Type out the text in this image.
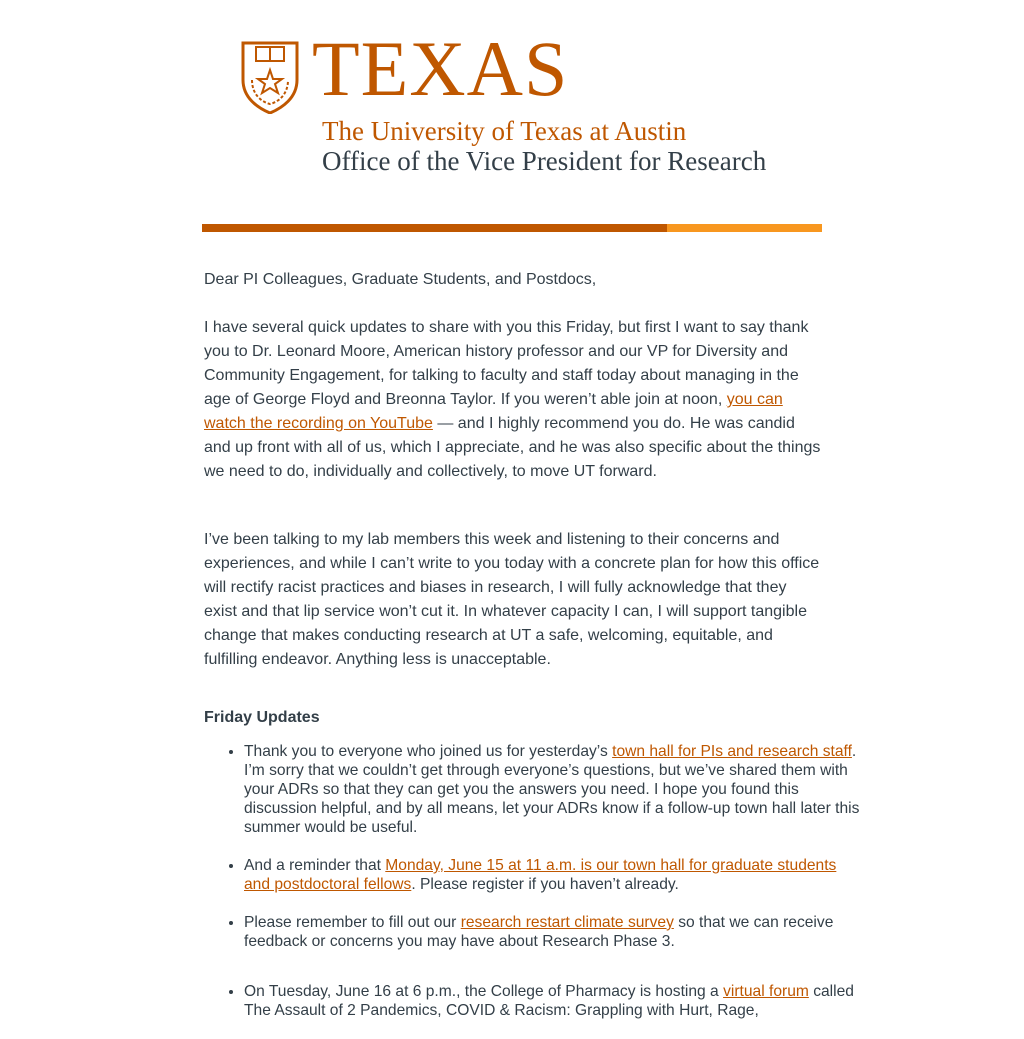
TEXAS
The University of Texas at Austin
Office of the Vice President for Research
Dear PI Colleagues, Graduate Students, and Postdocs,
I have several quick updates to share with you this Friday, but first I want to say thank you to Dr. Leonard Moore, American history professor and our VP for Diversity and Community Engagement, for talking to faculty and staff today about managing in the age of George Floyd and Breonna Taylor. If you weren’t able join at noon, you can watch the recording on YouTube — and I highly recommend you do. He was candid and up front with all of us, which I appreciate, and he was also specific about the things we need to do, individually and collectively, to move UT forward.
I’ve been talking to my lab members this week and listening to their concerns and experiences, and while I can’t write to you today with a concrete plan for how this office will rectify racist practices and biases in research, I will fully acknowledge that they exist and that lip service won’t cut it. In whatever capacity I can, I will support tangible change that makes conducting research at UT a safe, welcoming, equitable, and fulfilling endeavor. Anything less is unacceptable.
Friday Updates
• Thank you to everyone who joined us for yesterday’s town hall for PIs and research staff. I’m sorry that we couldn’t get through everyone’s questions, but we’ve shared them with your ADRs so that they can get you the answers you need. I hope you found this discussion helpful, and by all means, let your ADRs know if a follow-up town hall later this summer would be useful.
• And a reminder that Monday, June 15 at 11 a.m. is our town hall for graduate students and postdoctoral fellows. Please register if you haven’t already.
• Please remember to fill out our research restart climate survey so that we can receive feedback or concerns you may have about Research Phase 3.
• On Tuesday, June 16 at 6 p.m., the College of Pharmacy is hosting a virtual forum called The Assault of 2 Pandemics, COVID & Racism: Grappling with Hurt, Rage,
